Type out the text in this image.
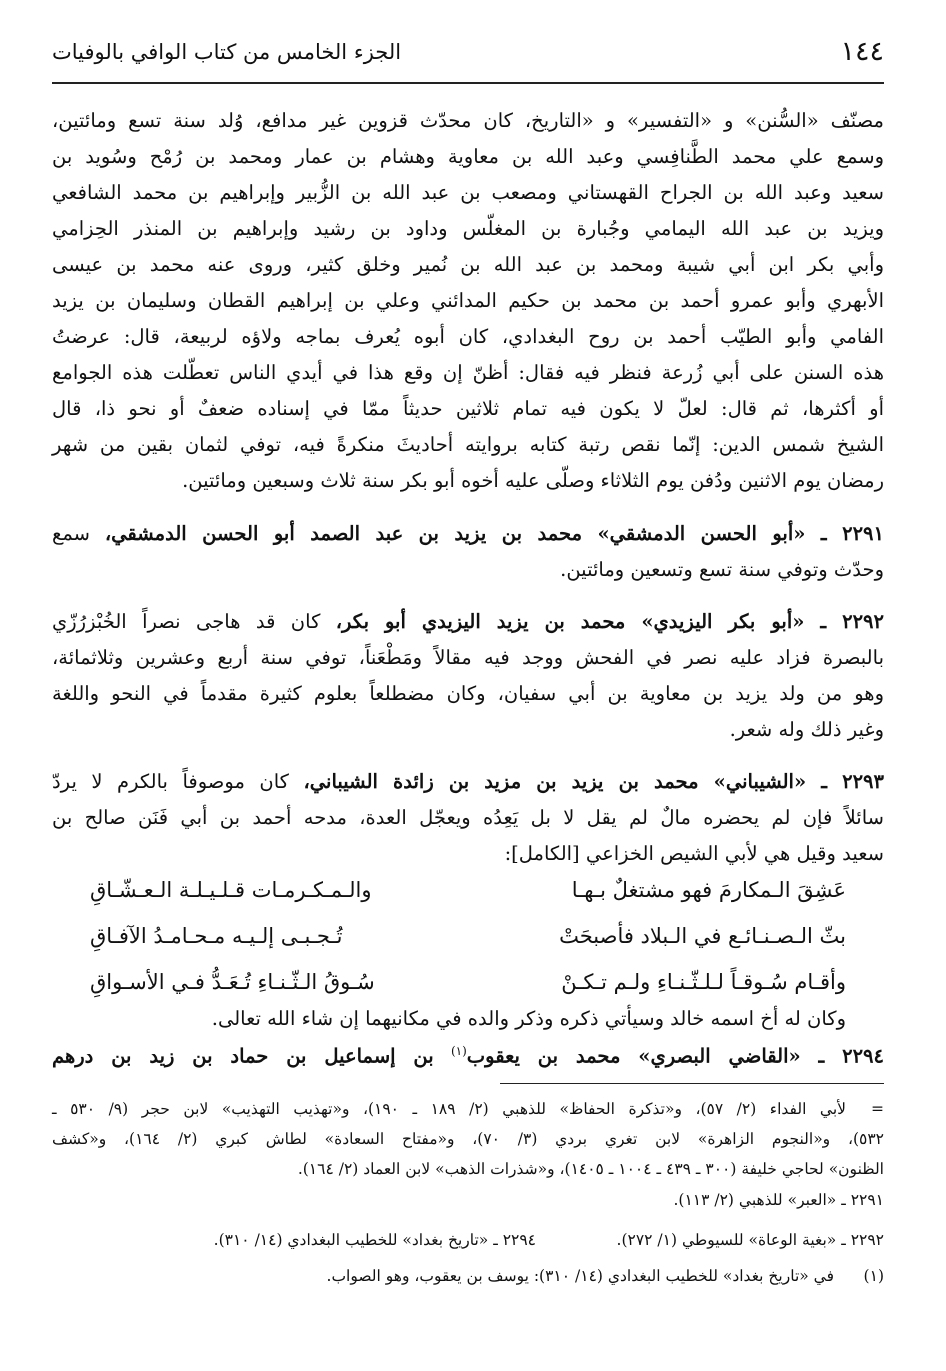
١٤٤
الجزء الخامس من كتاب الوافي بالوفيات
مصنّف «السُّنن» و «التفسير» و «التاريخ، كان محدّث قزوين غير مدافع، وُلد سنة تسع ومائتين،
وسمع علي محمد الطَّنافِسي وعبد الله بن معاوية وهشام بن عمار ومحمد بن رُمْح وسُويد بن
سعيد وعبد الله بن الجراح القهستاني ومصعب بن عبد الله بن الزُّبير وإبراهيم بن محمد الشافعي
ويزيد بن عبد الله اليمامي وجُبارة بن المغلّس وداود بن رشيد وإبراهيم بن المنذر الحِزامي
وأبي بكر ابن أبي شيبة ومحمد بن عبد الله بن نُمير وخلق كثير، وروى عنه محمد بن عيسى
الأبهري وأبو عمرو أحمد بن محمد بن حكيم المدائني وعلي بن إبراهيم القطان وسليمان بن يزيد
الفامي وأبو الطيّب أحمد بن روح البغدادي، كان أبوه يُعرف بماجه ولاؤه لربيعة، قال: عرضتُ
هذه السنن على أبي زُرعة فنظر فيه فقال: أظنّ إن وقع هذا في أيدي الناس تعطّلت هذه الجوامع
أو أكثرها، ثم قال: لعلّ لا يكون فيه تمام ثلاثين حديثاً ممّا في إسناده ضعفٌ أو نحو ذا، قال
الشيخ شمس الدين: إنّما نقص رتبة كتابه بروايته أحاديثَ منكرةً فيه، توفي لثمان بقين من شهر
رمضان يوم الاثنين ودُفن يوم الثلاثاء وصلّى عليه أخوه أبو بكر سنة ثلاث وسبعين ومائتين.
٢٢٩١ ـ «أبو الحسن الدمشقي» محمد بن يزيد بن عبد الصمد أبو الحسن الدمشقي، سمع
وحدّث وتوفي سنة تسع وتسعين ومائتين.
٢٢٩٢ ـ «أبو بكر اليزيدي» محمد بن يزيد اليزيدي أبو بكر، كان قد هاجى نصراً الخُبْزرُزّي
بالبصرة فزاد عليه نصر في الفحش ووجد فيه مقالاً ومَطْعَناً، توفي سنة أربع وعشرين وثلاثمائة،
وهو من ولد يزيد بن معاوية بن أبي سفيان، وكان مضطلعاً بعلوم كثيرة مقدماً في النحو واللغة
وغير ذلك وله شعر.
٢٢٩٣ ـ «الشيباني» محمد بن يزيد بن مزيد بن زائدة الشيباني، كان موصوفاً بالكرم لا يردّ
سائلاً فإن لم يحضره مالٌ لم يقل لا بل يَعِدُه ويعجّل العدة، مدحه أحمد بن أبي فَنَن صالح بن
سعيد وقيل هي لأبي الشيص الخزاعي [الكامل]:
عَشِقَ الـمكارمَ فهو مشتغلٌ بـهـا
والـمـكـرمـات قـلـيـلـة الـعـشّـاقِ
بثّ الـصـنـائـع في الـبلاد فأصبحَتْ
تُـجـبـى إلـيـه مـحـامـدُ الآفـاقِ
وأقـام سُـوقـاً لـلـثّـنـاءِ ولـم تـكـنْ
سُـوقُ الـثّـنـاءِ تُـعَـدُّ فـي الأسـواقِ
وكان له أخ اسمه خالد وسيأتي ذكره وذكر والده في مكانيهما إن شاء الله تعالى.
٢٢٩٤ ـ «القاضي البصري» محمد بن يعقوب$^{(١)}$ بن إسماعيل بن حماد بن زيد بن درهم
لأبي الفداء (٢/ ٥٧)، و«تذكرة الحفاظ» للذهبي (٢/ ١٨٩ ـ ١٩٠)، و«تهذيب التهذيب» لابن حجر (٩/ ٥٣٠ ـ	=
٥٣٢)، و«النجوم الزاهرة» لابن تغري بردي (٣/ ٧٠)، و«مفتاح السعادة» لطاش كبري (٢/ ١٦٤)، و«كشف
الظنون» لحاجي خليفة (٣٠٠ ـ ٤٣٩ ـ ١٠٠٤ ـ ١٤٠٥)، و«شذرات الذهب» لابن العماد (٢/ ١٦٤).
٢٢٩١ ـ «العبر» للذهبي (٢/ ١١٣).
٢٢٩٢ ـ «بغية الوعاة» للسيوطي (١/ ٢٧٢).
٢٢٩٤ ـ «تاريخ بغداد» للخطيب البغدادي (١٤/ ٣١٠).
(١)
في «تاريخ بغداد» للخطيب البغدادي (١٤/ ٣١٠): يوسف بن يعقوب، وهو الصواب.
